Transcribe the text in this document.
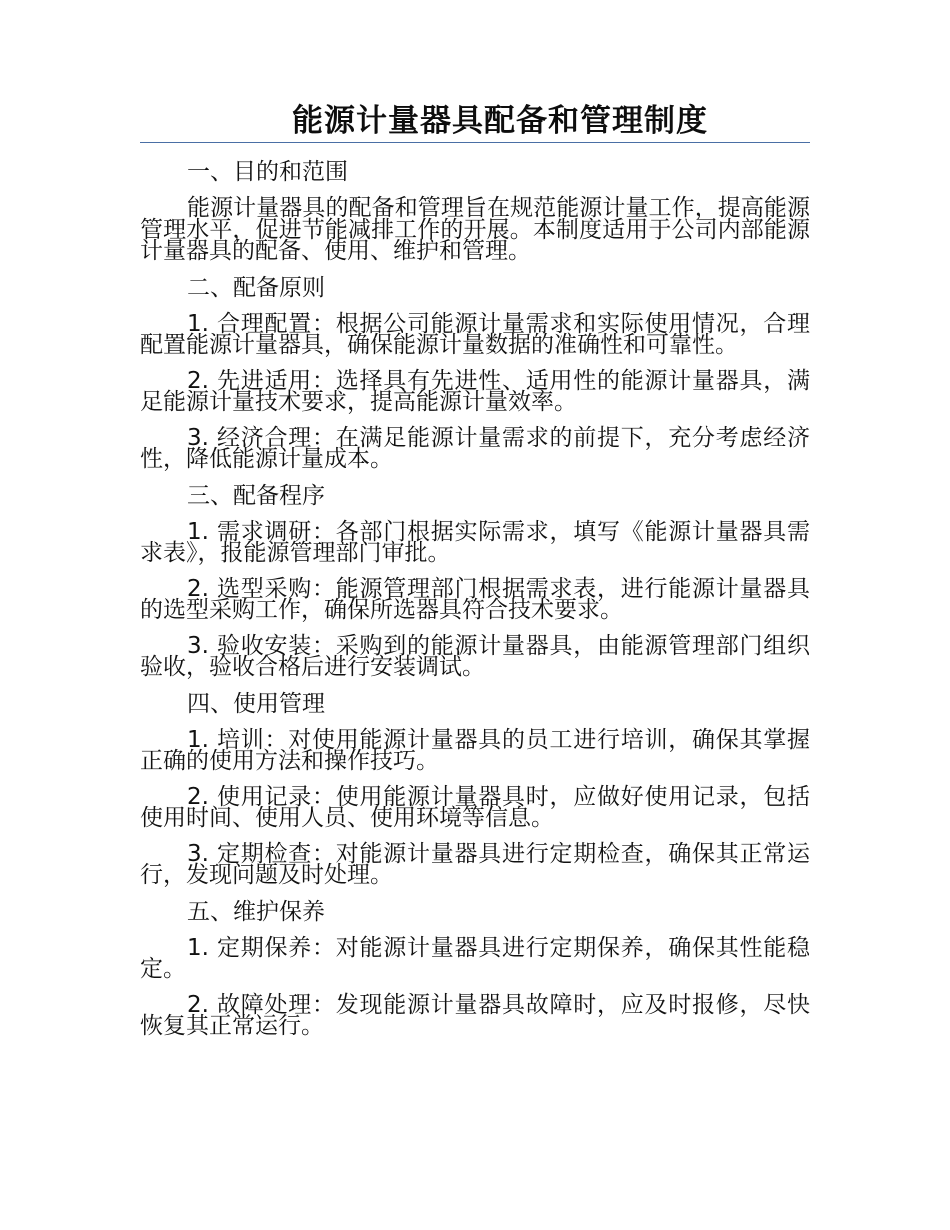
能源计量器具配备和管理制度

一、目的和范围

能源计量器具的配备和管理旨在规范能源计量工作，提高能源管理水平，促进节能减排工作的开展。本制度适用于公司内部能源计量器具的配备、使用、维护和管理。

二、配备原则

1. 合理配置：根据公司能源计量需求和实际使用情况，合理配置能源计量器具，确保能源计量数据的准确性和可靠性。

2. 先进适用：选择具有先进性、适用性的能源计量器具，满足能源计量技术要求，提高能源计量效率。

3. 经济合理：在满足能源计量需求的前提下，充分考虑经济性，降低能源计量成本。

三、配备程序

1. 需求调研：各部门根据实际需求，填写《能源计量器具需求表》，报能源管理部门审批。

2. 选型采购：能源管理部门根据需求表，进行能源计量器具的选型采购工作，确保所选器具符合技术要求。

3. 验收安装：采购到的能源计量器具，由能源管理部门组织验收，验收合格后进行安装调试。

四、使用管理

1. 培训：对使用能源计量器具的员工进行培训，确保其掌握正确的使用方法和操作技巧。

2. 使用记录：使用能源计量器具时，应做好使用记录，包括使用时间、使用人员、使用环境等信息。

3. 定期检查：对能源计量器具进行定期检查，确保其正常运行，发现问题及时处理。

五、维护保养

1. 定期保养：对能源计量器具进行定期保养，确保其性能稳定。

2. 故障处理：发现能源计量器具故障时，应及时报修，尽快恢复其正常运行。
